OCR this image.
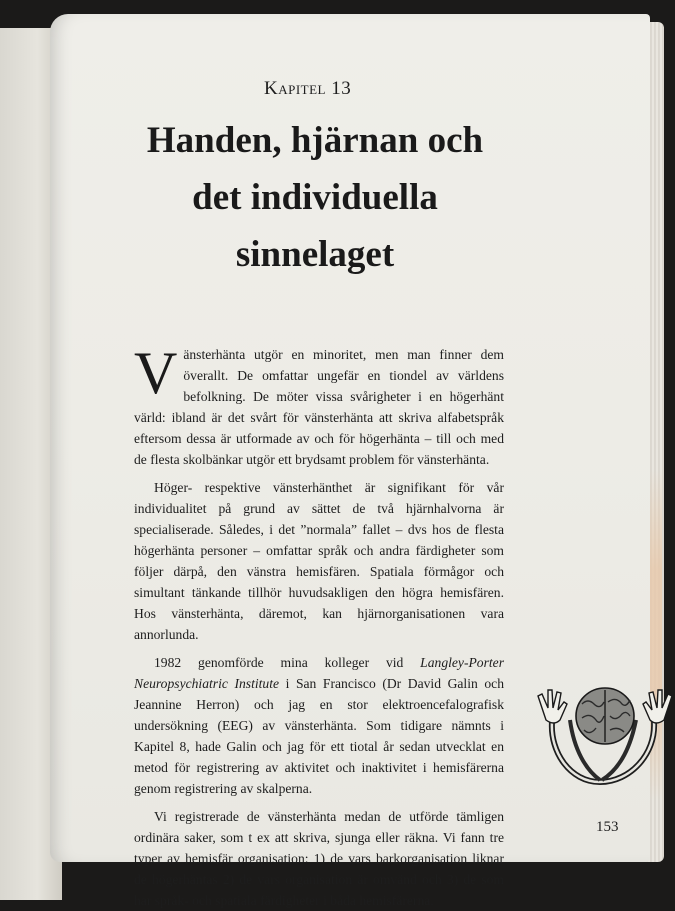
Kapitel 13
Handen, hjärnan och det individuella sinnelaget

Vänsterhänta utgör en minoritet, men man finner dem överallt. De omfattar ungefär en tiondel av världens befolkning. De möter vissa svårigheter i en högerhänt värld: ibland är det svårt för vänsterhänta att skriva alfabetspråk eftersom dessa är utformade av och för högerhänta – till och med de flesta skolbänkar utgör ett brydsamt problem för vänsterhänta.

Höger- respektive vänsterhänthet är signifikant för vår individualitet på grund av sättet de två hjärnhalvorna är specialiserade. Således, i det ”normala” fallet – dvs hos de flesta högerhänta personer – omfattar språk och andra färdigheter som följer därpå, den vänstra hemisfären. Spatiala förmågor och simultant tänkande tillhör huvudsakligen den högra hemisfären. Hos vänsterhänta, däremot, kan hjärnorganisationen vara annorlunda.

1982 genomförde mina kolleger vid Langley-Porter Neuropsychiatric Institute i San Francisco (Dr David Galin och Jeannine Herron) och jag en stor elektroencefalografisk undersökning (EEG) av vänsterhänta. Som tidigare nämnts i Kapitel 8, hade Galin och jag för ett tiotal år sedan utvecklat en metod för registrering av aktivitet och inaktivitet i hemisfärerna genom registrering av skalperna.

Vi registrerade de vänsterhänta medan de utförde tämligen ordinära saker, som t ex att skriva, sjunga eller räkna. Vi fann tre typer av hemisfär organisation: 1) de vars barkorganisation liknar de högerhäntas 2) de vars organisation är omvänd och 3) de som har språk- och spatiala färdigheter i båda hemisfärerna.

153
